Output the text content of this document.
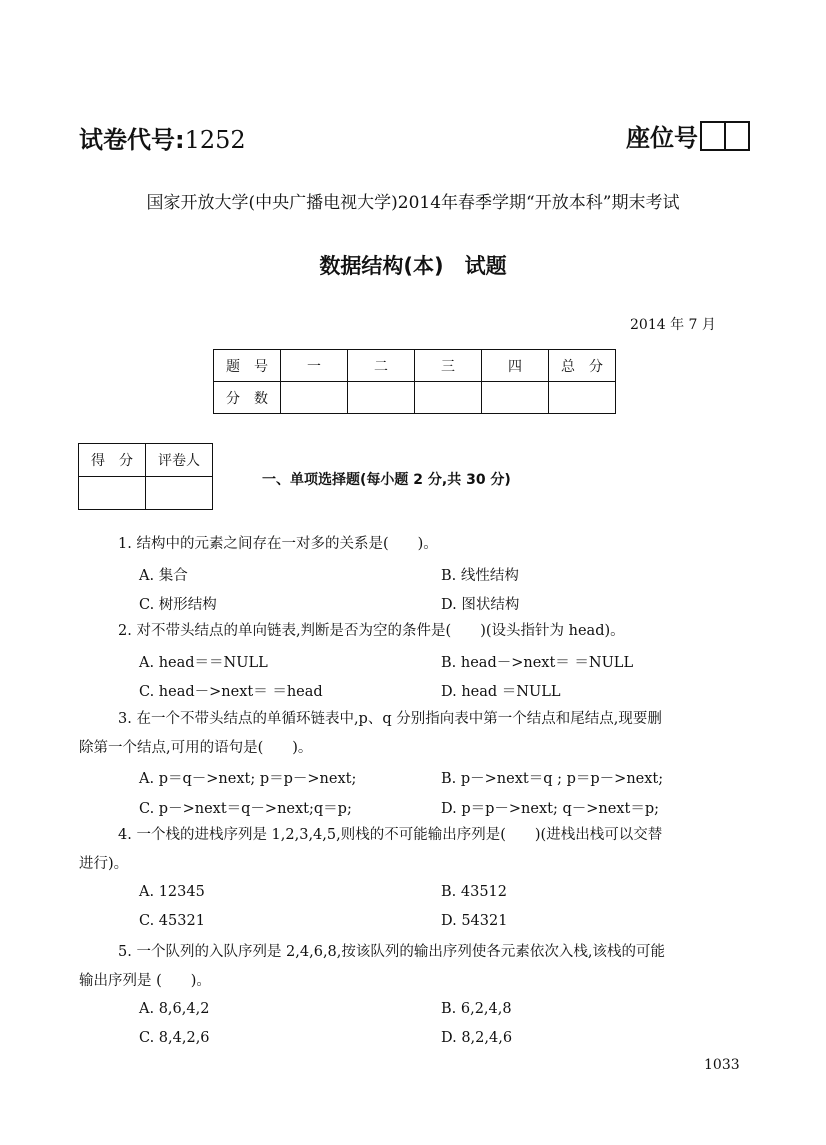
试卷代号:1252	座位号
国家开放大学(中央广播电视大学)2014年春季学期“开放本科”期末考试
数据结构(本)　试题
2014 年 7 月
题　号	一	二	三	四	总　分
分　数					
得　分	评卷人

一、单项选择题(每小题 2 分,共 30 分)
1. 结构中的元素之间存在一对多的关系是(　　)。
A. 集合	B. 线性结构
C. 树形结构	D. 图状结构
2. 对不带头结点的单向链表,判断是否为空的条件是(　　)(设头指针为 head)。
A. head＝＝NULL	B. head－>next＝ ＝NULL
C. head－>next＝ ＝head	D. head ＝NULL
3. 在一个不带头结点的单循环链表中,p、q 分别指向表中第一个结点和尾结点,现要删
除第一个结点,可用的语句是(　　)。
A. p＝q－>next; p＝p－>next;	B. p－>next＝q ; p＝p－>next;
C. p－>next＝q－>next;q＝p;	D. p＝p－>next; q－>next＝p;
4. 一个栈的进栈序列是 1,2,3,4,5,则栈的不可能输出序列是(　　)(进栈出栈可以交替
进行)。
A. 12345	B. 43512
C. 45321	D. 54321
5. 一个队列的入队序列是 2,4,6,8,按该队列的输出序列使各元素依次入栈,该栈的可能
输出序列是 (　　)。
A. 8,6,4,2	B. 6,2,4,8
C. 8,4,2,6	D. 8,2,4,6
1033
